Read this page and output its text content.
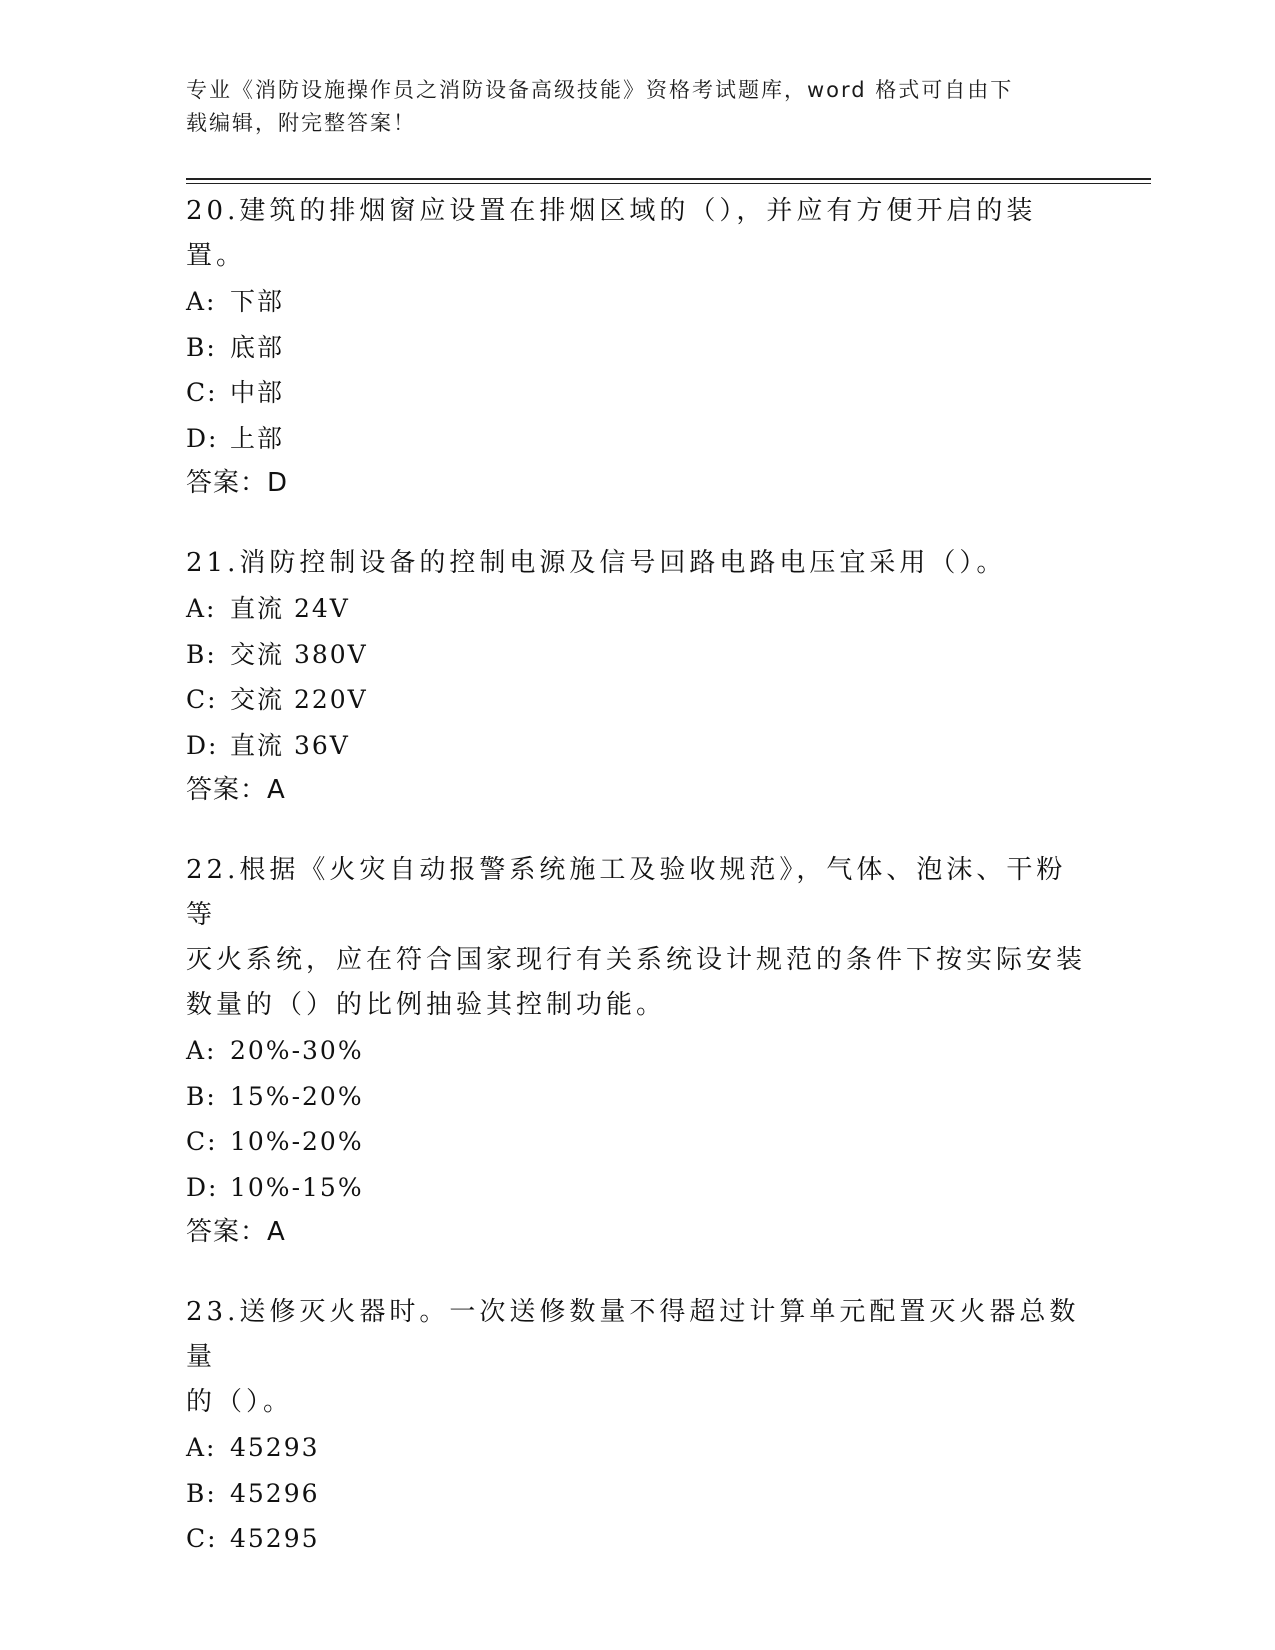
专业《消防设施操作员之消防设备高级技能》资格考试题库，word 格式可自由下
载编辑，附完整答案！
20.建筑的排烟窗应设置在排烟区域的（），并应有方便开启的装置。
A: 下部
B: 底部
C: 中部
D: 上部
答案：D
21.消防控制设备的控制电源及信号回路电路电压宜采用（）。
A: 直流 24V
B: 交流 380V
C: 交流 220V
D: 直流 36V
答案：A
22.根据《火灾自动报警系统施工及验收规范》，气体、泡沫、干粉等
灭火系统，应在符合国家现行有关系统设计规范的条件下按实际安装
数量的（）的比例抽验其控制功能。
A: 20%-30%
B: 15%-20%
C: 10%-20%
D: 10%-15%
答案：A
23.送修灭火器时。一次送修数量不得超过计算单元配置灭火器总数量
的（）。
A: 45293
B: 45296
C: 45295
